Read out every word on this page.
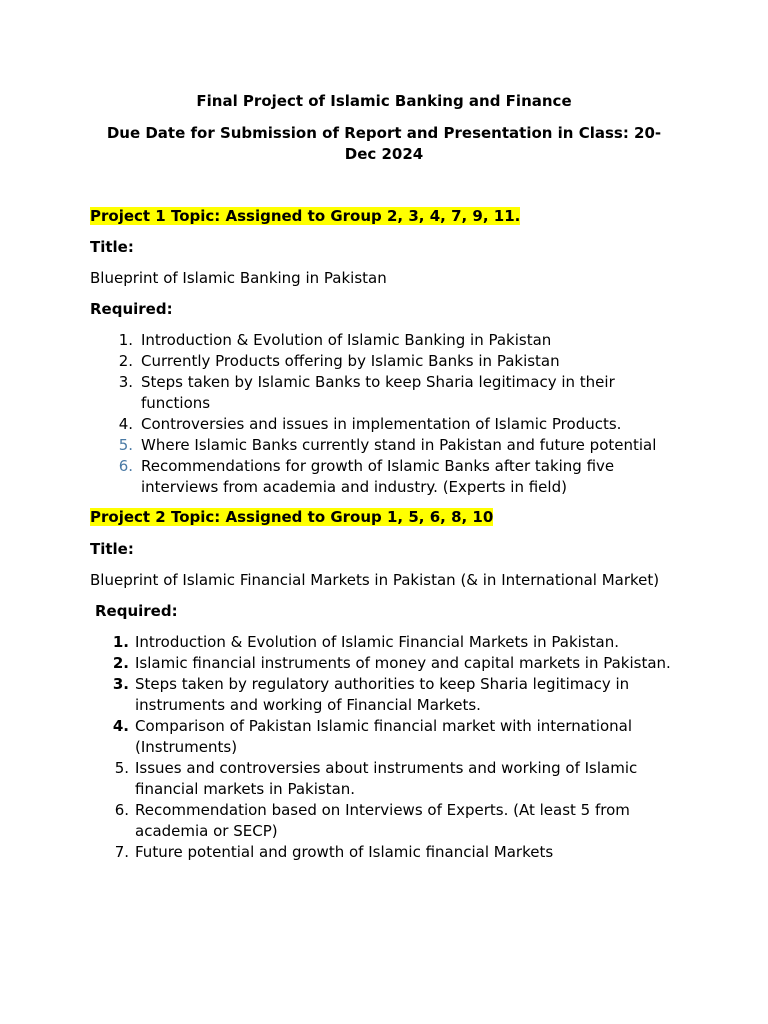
Final Project of Islamic Banking and Finance

Due Date for Submission of Report and Presentation in Class: 20-Dec 2024

Project 1 Topic: Assigned to Group 2, 3, 4, 7, 9, 11.

Title:

Blueprint of Islamic Banking in Pakistan

Required:

1. Introduction & Evolution of Islamic Banking in Pakistan
2. Currently Products offering by Islamic Banks in Pakistan
3. Steps taken by Islamic Banks to keep Sharia legitimacy in their functions
4. Controversies and issues in implementation of Islamic Products.
5. Where Islamic Banks currently stand in Pakistan and future potential
6. Recommendations for growth of Islamic Banks after taking five interviews from academia and industry. (Experts in field)

Project 2 Topic: Assigned to Group 1, 5, 6, 8, 10

Title:

Blueprint of Islamic Financial Markets in Pakistan (& in International Market)

Required:

1. Introduction & Evolution of Islamic Financial Markets in Pakistan.
2. Islamic financial instruments of money and capital markets in Pakistan.
3. Steps taken by regulatory authorities to keep Sharia legitimacy in instruments and working of Financial Markets.
4. Comparison of Pakistan Islamic financial market with international (Instruments)
5. Issues and controversies about instruments and working of Islamic financial markets in Pakistan.
6. Recommendation based on Interviews of Experts. (At least 5 from academia or SECP)
7. Future potential and growth of Islamic financial Markets
